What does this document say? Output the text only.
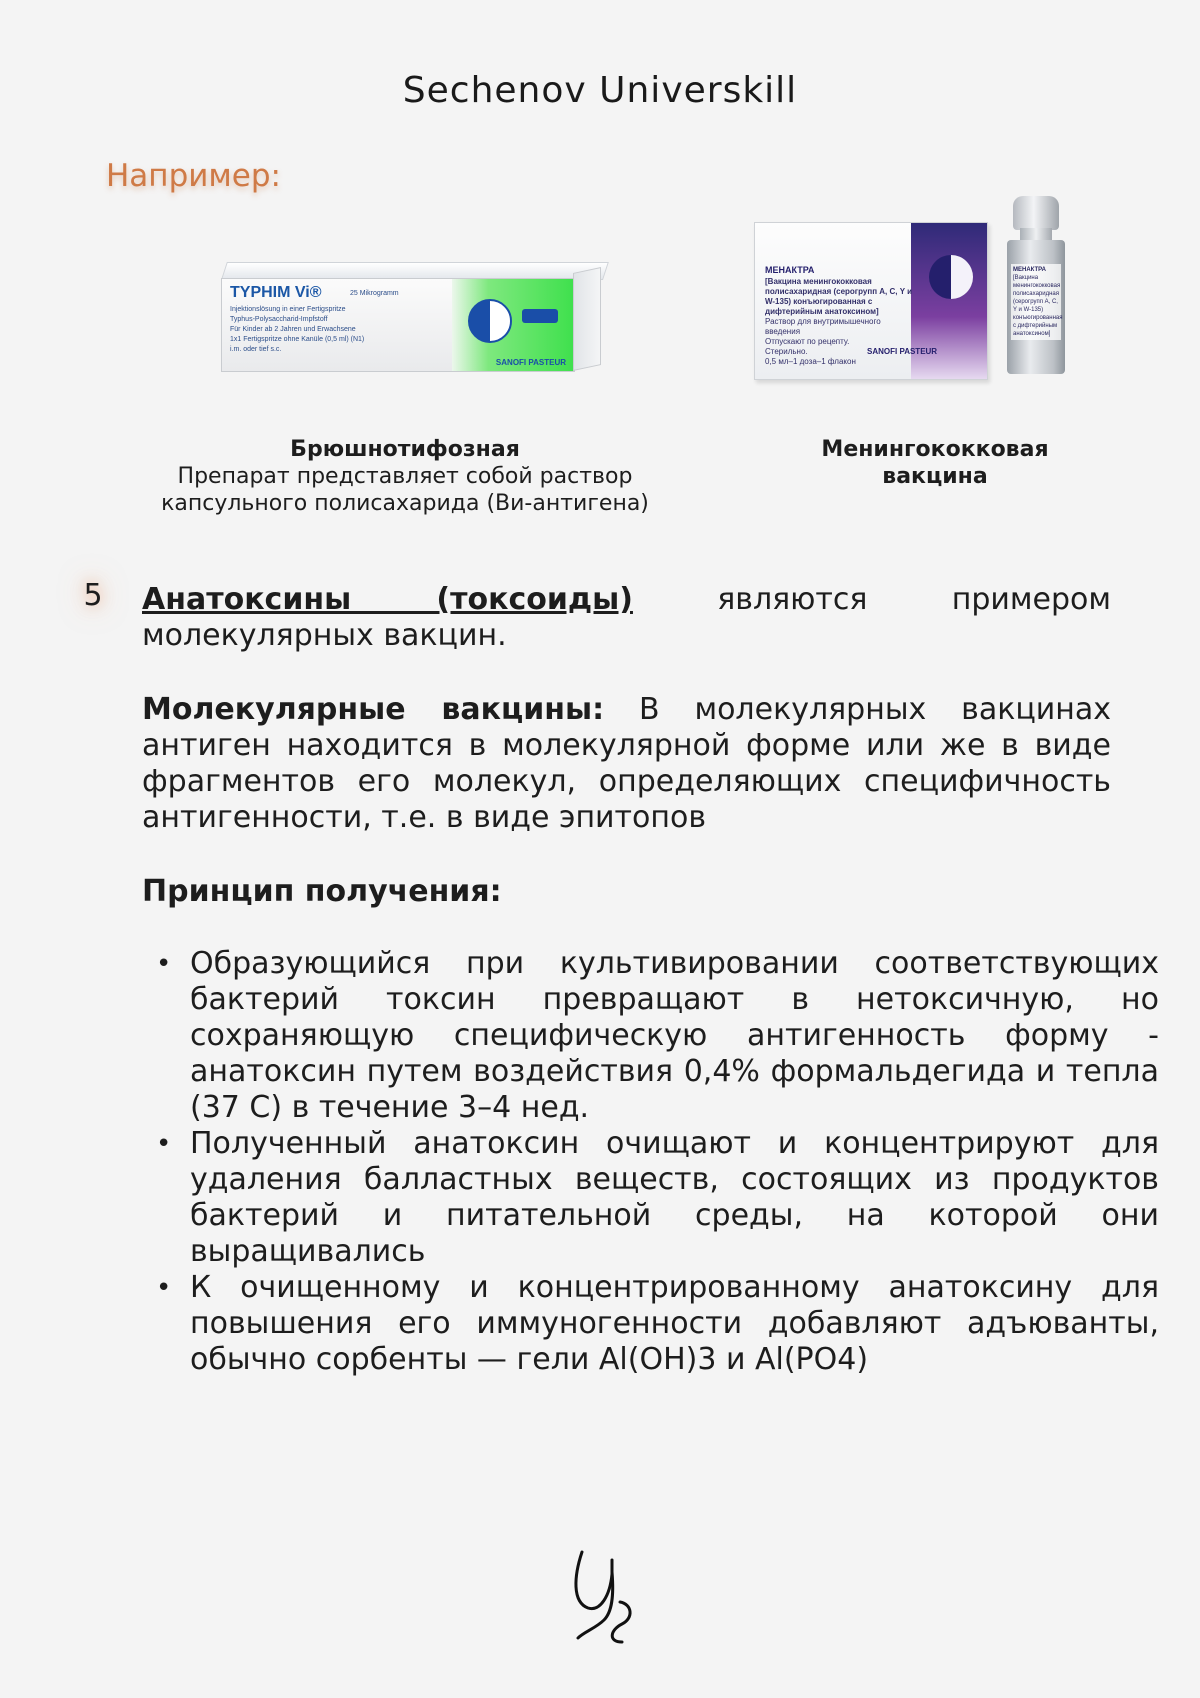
Sechenov Universkill
Например:
TYPHIM Vi®	25 Mikrogramm
Injektionslösung in einer Fertigspritze
Typhus-Polysaccharid-Impfstoff
Für Kinder ab 2 Jahren und Erwachsene
1x1 Fertigspritze ohne Kanüle (0,5 ml) (N1)
i.m. oder tief s.c.
SANOFI PASTEUR
МЕНАКТРА
[Вакцина менингококковая полисахаридная (серогрупп А, С, Y и W-135) конъюгированная с дифтерийным анатоксином]
Раствор для внутримышечного введения
Отпускают по рецепту.
Стерильно.
0,5 мл–1 доза–1 флакон
SANOFI PASTEUR
МЕНАКТРА
[Вакцина менингококковая полисахаридная (серогрупп А, С, Y и W-135) конъюгированная с дифтерийным анатоксином]
Брюшнотифозная
Препарат представляет собой раствор капсульного полисахарида (Ви-антигена)
Менингококковая вакцина
5 Анатоксины (токсоиды) являются примером молекулярных вакцин.
Молекулярные вакцины: В молекулярных вакцинах антиген находится в молекулярной форме или же в виде фрагментов его молекул, определяющих специфичность антигенности, т.е. в виде эпитопов
Принцип получения:
• Образующийся при культивировании соответствующих бактерий токсин превращают в нетоксичную, но сохраняющую специфическую антигенность форму - анатоксин путем воздействия 0,4% формальдегида и тепла (37 С) в течение 3–4 нед.
• Полученный анатоксин очищают и концентрируют для удаления балластных веществ, состоящих из продуктов бактерий и питательной среды, на которой они выращивались
• К очищенному и концентрированному анатоксину для повышения его иммуногенности добавляют адъюванты, обычно сорбенты — гели Al(OH)3 и Al(PO4)
